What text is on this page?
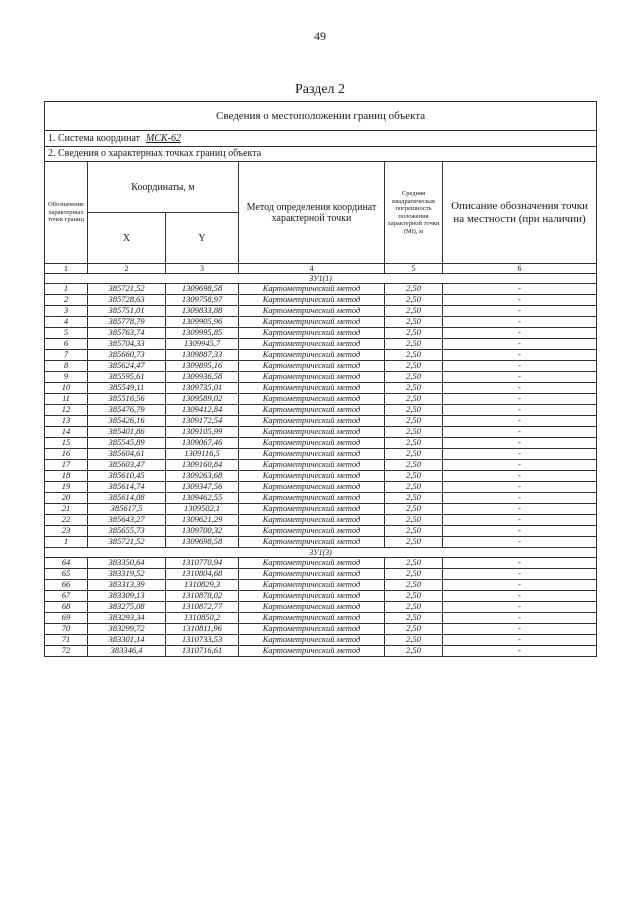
49
Раздел 2
Сведения о местоположении границ объекта					
1. Система координат МСК-62					
2. Сведения о характерных точках границ объекта					
Обозначение характерных точек границ	Координаты, м		Метод определения координат характерной точки	Средняя квадратическая погрешность положения характерной точки (Mt), м	Описание обозначения точки на местности (при наличии)
	X	Y			
1	2	3	4	5	6
ЗУ1(1)					
1	385721,52	1309698,58	Картометрический метод	2,50	-
2	385728,63	1309758,97	Картометрический метод	2,50	-
3	385751,01	1309833,88	Картометрический метод	2,50	-
4	385778,79	1309905,96	Картометрический метод	2,50	-
5	385763,74	1309995,85	Картометрический метод	2,50	-
6	385704,33	1309945,7	Картометрический метод	2,50	-
7	385660,73	1309887,33	Картометрический метод	2,50	-
8	385624,47	1309895,16	Картометрический метод	2,50	-
9	385595,61	1309936,58	Картометрический метод	2,50	-
10	385549,11	1309735,01	Картометрический метод	2,50	-
11	385516,56	1309589,02	Картометрический метод	2,50	-
12	385476,79	1309412,84	Картометрический метод	2,50	-
13	385426,16	1309172,54	Картометрический метод	2,50	-
14	385401,86	1309105,99	Картометрический метод	2,50	-
15	385545,89	1309067,46	Картометрический метод	2,50	-
16	385604,61	1309116,5	Картометрический метод	2,50	-
17	385603,47	1309160,84	Картометрический метод	2,50	-
18	385610,45	1309263,68	Картометрический метод	2,50	-
19	385614,74	1309347,56	Картометрический метод	2,50	-
20	385614,08	1309462,55	Картометрический метод	2,50	-
21	385617,5	1309502,1	Картометрический метод	2,50	-
22	385643,27	1309621,29	Картометрический метод	2,50	-
23	385655,73	1309700,32	Картометрический метод	2,50	-
1	385721,52	1309698,58	Картометрический метод	2,50	-
ЗУ1(3)					
64	383350,64	1310770,94	Картометрический метод	2,50	-
65	383319,52	1310804,68	Картометрический метод	2,50	-
66	383313,39	1310829,3	Картометрический метод	2,50	-
67	383309,13	1310878,02	Картометрический метод	2,50	-
68	383275,08	1310872,77	Картометрический метод	2,50	-
69	383293,34	1310850,2	Картометрический метод	2,50	-
70	383299,72	1310811,96	Картометрический метод	2,50	-
71	383301,14	1310733,53	Картометрический метод	2,50	-
72	383346,4	1310716,61	Картометрический метод	2,50	-
